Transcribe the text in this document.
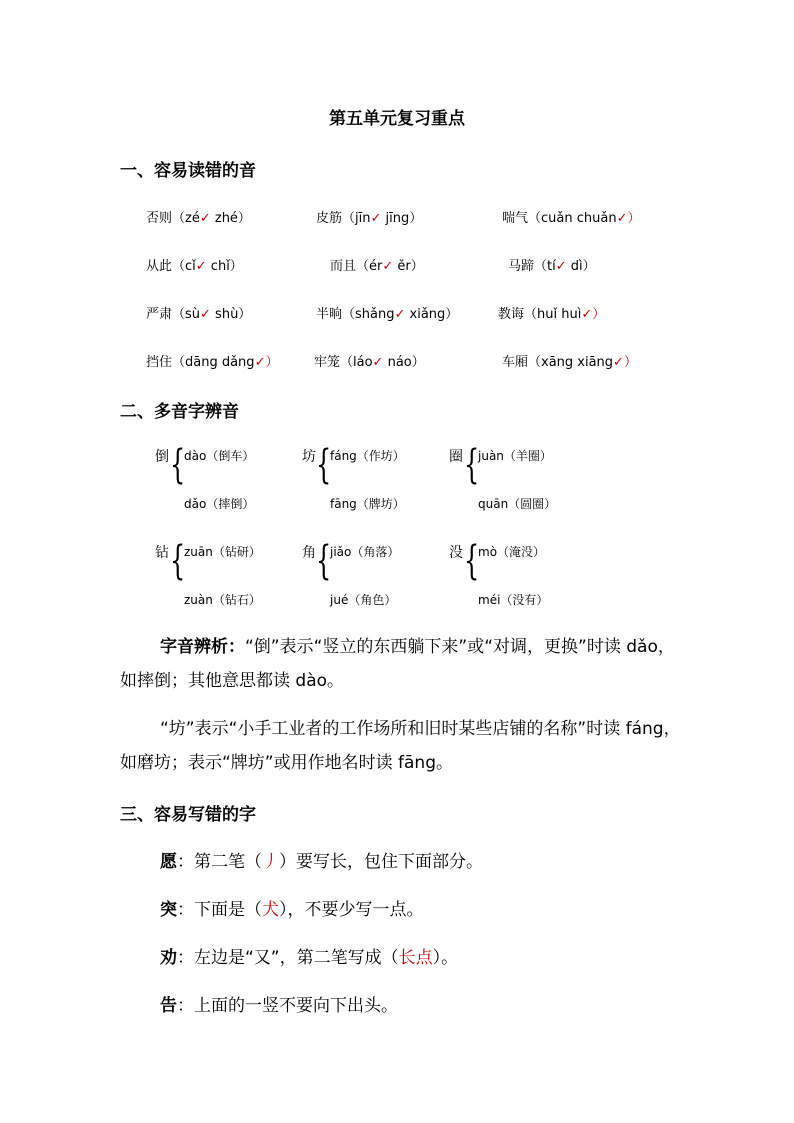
第五单元复习重点
一、容易读错的音
否则（zé✓ zhé）	皮筋（jīn✓ jīng）	喘气（cuǎn chuǎn✓）
从此（cǐ✓ chǐ）	而且（ér✓ ěr）	马蹄（tí✓ dì）
严肃（sù✓ shù）	半晌（shǎng✓ xiǎng）	教诲（huǐ huì✓）
挡住（dāng dǎng✓）	牢笼（láo✓ náo）	车厢（xāng xiāng✓）
二、多音字辨音
倒 {
dào（倒车）
dǎo（摔倒）
坊 {
fáng（作坊）
fāng（牌坊）
圈 {
juàn（羊圈）
quān（圆圈）
钻 {
zuān（钻研）
zuàn（钻石）
角 {
jiǎo（角落）
jué（角色）
没 {
mò（淹没）
méi（没有）
字音辨析：“倒”表示“竖立的东西躺下来”或“对调，更换”时读 dǎo，如摔倒；其他意思都读 dào。
“坊”表示“小手工业者的工作场所和旧时某些店铺的名称”时读 fáng，如磨坊；表示“牌坊”或用作地名时读 fāng。
三、容易写错的字
愿：第二笔（丿）要写长，包住下面部分。
突：下面是（犬），不要少写一点。
劝：左边是“又”，第二笔写成（长点）。
告：上面的一竖不要向下出头。
